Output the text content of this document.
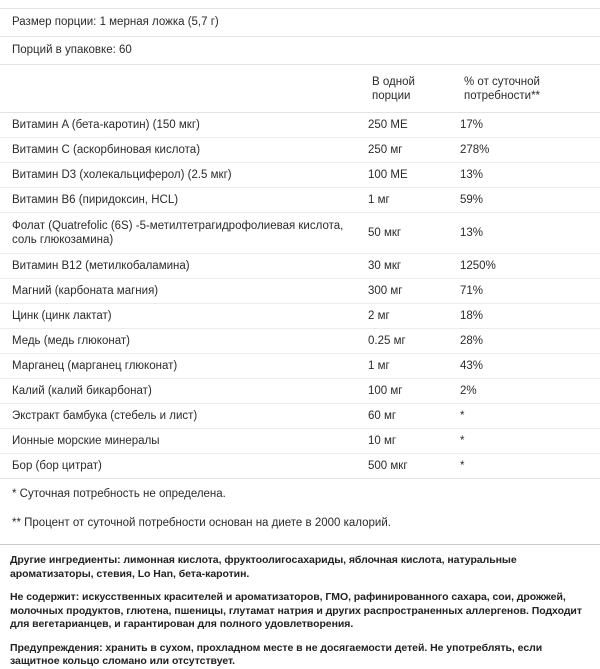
Размер порции: 1 мерная ложка (5,7 г)
Порций в упаковке: 60
	В одной
порции	% от суточной
потребности**

Витамин A (бета-каротин) (150 мкг)	250 МЕ	17%
Витамин C (аскорбиновая кислота)	250 мг	278%
Витамин D3 (холекальциферол) (2.5 мкг)	100 МЕ	13%
Витамин B6 (пиридоксин, HCL)	1 мг	59%
Фолат (Quatrefolic (6S) -5-метилтетрагидрофолиевая кислота, соль глюкозамина)	50 мкг	13%
Витамин B12 (метилкобаламина)	30 мкг	1250%
Магний (карбоната магния)	300 мг	71%
Цинк (цинк лактат)	2 мг	18%
Медь (медь глюконат)	0.25 мг	28%
Марганец (марганец глюконат)	1 мг	43%
Калий (калий бикарбонат)	100 мг	2%
Экстракт бамбука (стебель и лист)	60 мг	*
Ионные морские минералы	10 мг	*
Бор (бор цитрат)	500 мкг	*
* Суточная потребность не определена.
** Процент от суточной потребности основан на диете в 2000 калорий.

Другие ингредиенты: лимонная кислота, фруктоолигосахариды, яблочная кислота, натуральные ароматизаторы, стевия, Lo Han, бета-каротин.

Не содержит: искусственных красителей и ароматизаторов, ГМО, рафинированного сахара, сои, дрожжей, молочных продуктов, глютена, пшеницы, глутамат натрия и других распространенных аллергенов. Подходит для вегетарианцев, и гарантирован для полного удовлетворения.

Предупреждения: хранить в сухом, прохладном месте в не досягаемости детей. Не употреблять, если защитное кольцо сломано или отсутствует.
